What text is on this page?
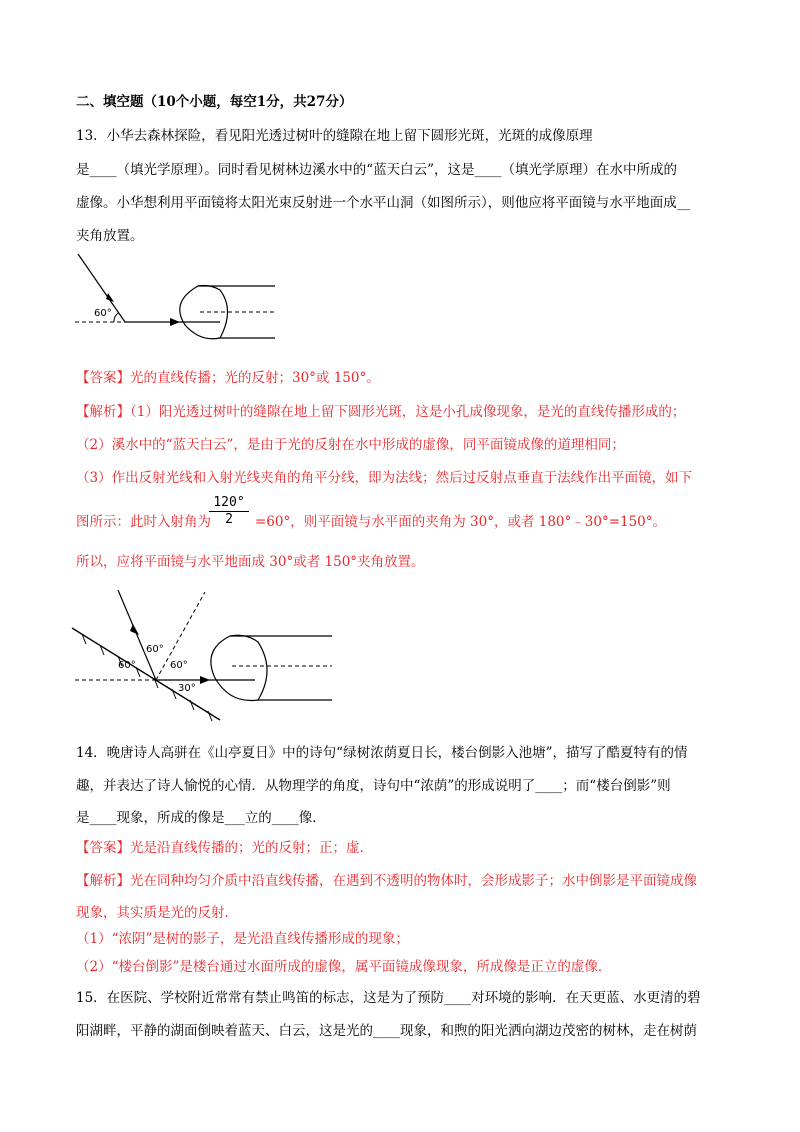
二、填空题（10个小题，每空1分，共27分）
13．小华去森林探险，看见阳光透过树叶的缝隙在地上留下圆形光斑，光斑的成像原理
是____（填光学原理）。同时看见树林边溪水中的“蓝天白云”，这是____（填光学原理）在水中所成的
虚像。小华想利用平面镜将太阳光束反射进一个水平山洞（如图所示），则他应将平面镜与水平地面成__
夹角放置。
60°
【答案】光的直线传播；光的反射；30°或 150°。
【解析】（1）阳光透过树叶的缝隙在地上留下圆形光斑，这是小孔成像现象，是光的直线传播形成的；
（2）溪水中的“蓝天白云”，是由于光的反射在水中形成的虚像，同平面镜成像的道理相同；
（3）作出反射光线和入射光线夹角的角平分线，即为法线；然后过反射点垂直于法线作出平面镜，如下
图所示：此时入射角为	=60°，则平面镜与水平面的夹角为 30°，或者 180°﹣30°=150°。
$\frac{120^\circ}{2}$
所以，应将平面镜与水平地面成 30°或者 150°夹角放置。
60°
60°
60°
30°
14．晚唐诗人高骈在《山亭夏日》中的诗句“绿树浓荫夏日长，楼台倒影入池塘”，描写了酷夏特有的情
趣，并表达了诗人愉悦的心情．从物理学的角度，诗句中“浓荫”的形成说明了____；而“楼台倒影”则
是____现象，所成的像是___立的____像．
【答案】光是沿直线传播的；光的反射；正；虚．
【解析】光在同种均匀介质中沿直线传播，在遇到不透明的物体时，会形成影子；水中倒影是平面镜成像
现象，其实质是光的反射．
（1）“浓阴”是树的影子，是光沿直线传播形成的现象；
（2）“楼台倒影”是楼台通过水面所成的虚像，属平面镜成像现象，所成像是正立的虚像．
15．在医院、学校附近常常有禁止鸣笛的标志，这是为了预防____对环境的影响．在天更蓝、水更清的碧
阳湖畔，平静的湖面倒映着蓝天、白云，这是光的____现象，和煦的阳光洒向湖边茂密的树林，走在树荫
